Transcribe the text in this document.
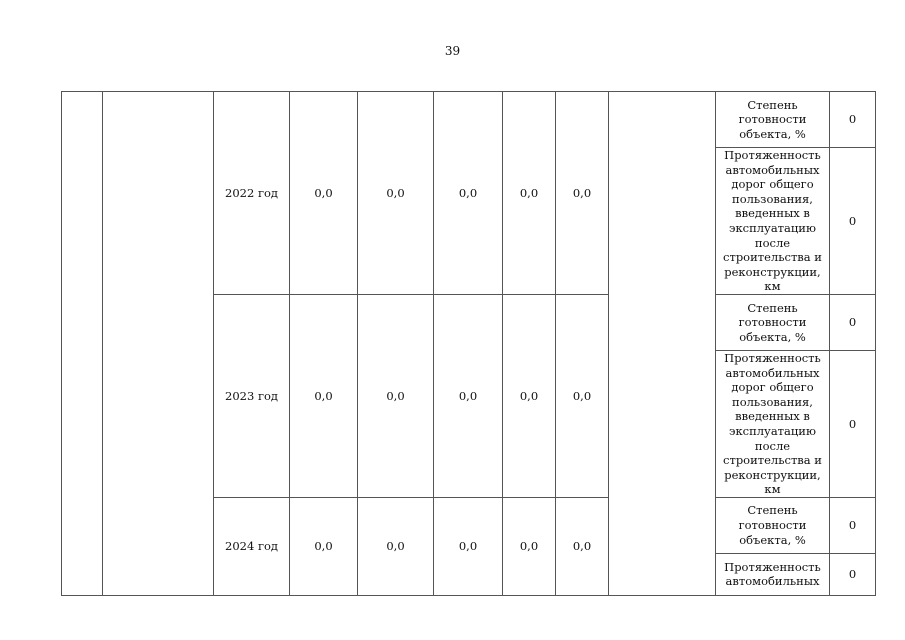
39
		2022 год	0,0	0,0	0,0	0,0	0,0		Степень готовности объекта, %	0
									Протяженность автомобильных дорог общего пользования, введенных в эксплуатацию после строительства и реконструкции, км	0
		2023 год	0,0	0,0	0,0	0,0	0,0		Степень готовности объекта, %	0
									Протяженность автомобильных дорог общего пользования, введенных в эксплуатацию после строительства и реконструкции, км	0
		2024 год	0,0	0,0	0,0	0,0	0,0		Степень готовности объекта, %	0
									Протяженность автомобильных	0
